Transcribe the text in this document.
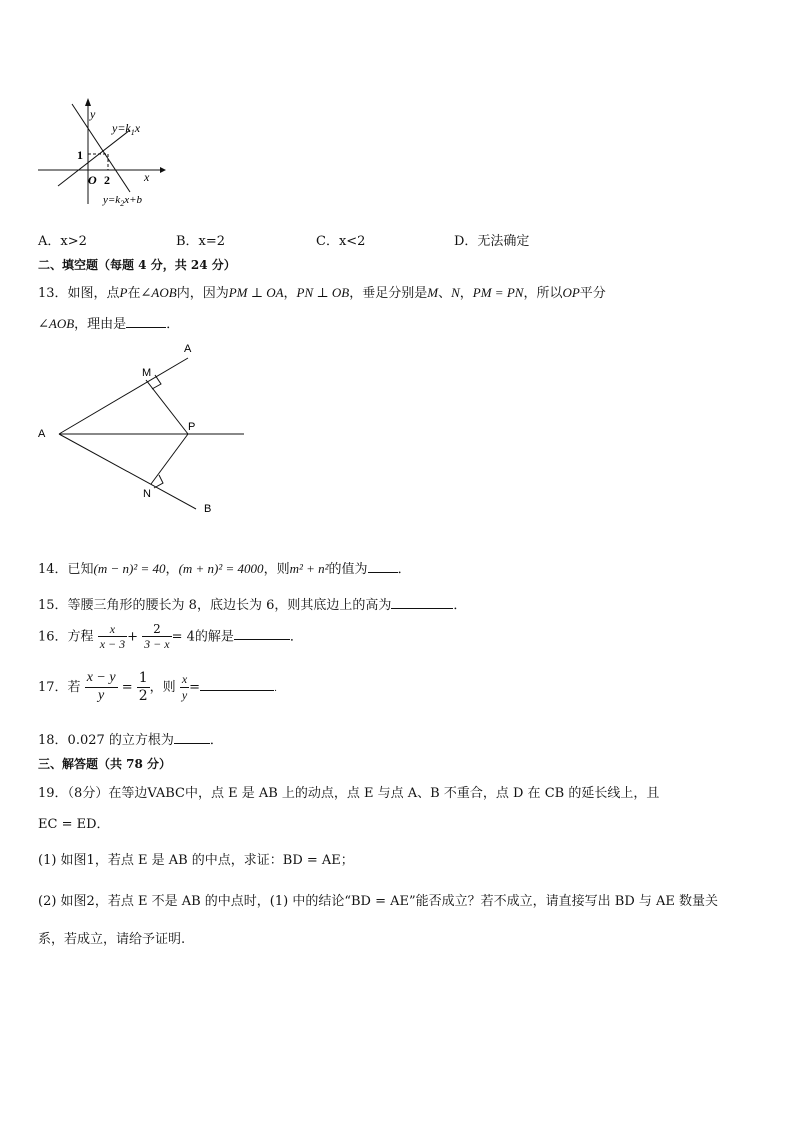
y
x
O
1
2
$y=k_1x$
$y=k_2x+b$
A．x>2	B．x=2	C．x<2	D．无法确定
二、填空题（每题 4 分，共 24 分）
13．如图，点P在∠AOB内，因为PM ⊥ OA，PN ⊥ OB，垂足分别是M、N，PM = PN，所以OP平分
∠AOB，理由是	．
A
M
A
P
N
B
14．已知(m − n)² = 40，(m + n)² = 4000，则m² + n²的值为 ．
15．等腰三角形的腰长为 8，底边长为 6，则其底边上的高为	．
16．方程 $\frac{x}{x - 3} + \frac{2}{3 - x} = 4$的解是	．
17．若 $\frac{x - y}{y} = \frac{1}{2}$ ，则 $\frac{x}{y}$ =	.
18．0.027 的立方根为	．
三、解答题（共 78 分）
19．（8分）在等边VABC中，点 E 是 AB 上的动点，点 E 与点 A、B 不重合，点 D 在 CB 的延长线上，且
EC = ED．
(1) 如图1，若点 E 是 AB 的中点，求证：BD = AE；
(2) 如图2，若点 E 不是 AB 的中点时，(1) 中的结论“BD = AE”能否成立？若不成立，请直接写出 BD 与 AE 数量关
系，若成立，请给予证明.
